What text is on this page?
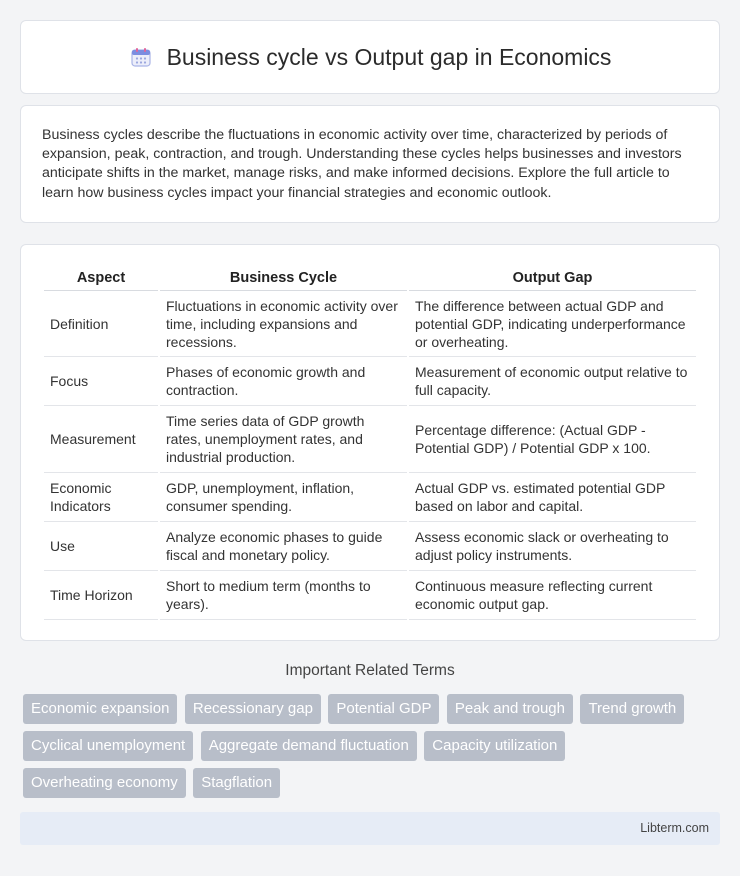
Business cycle vs Output gap in Economics

Business cycles describe the fluctuations in economic activity over time, characterized by periods of expansion, peak, contraction, and trough. Understanding these cycles helps businesses and investors anticipate shifts in the market, manage risks, and make informed decisions. Explore the full article to learn how business cycles impact your financial strategies and economic outlook.

Aspect	Business Cycle	Output Gap
Definition	Fluctuations in economic activity over time, including expansions and recessions.	The difference between actual GDP and potential GDP, indicating underperformance or overheating.
Focus	Phases of economic growth and contraction.	Measurement of economic output relative to full capacity.
Measurement	Time series data of GDP growth rates, unemployment rates, and industrial production.	Percentage difference: (Actual GDP - Potential GDP) / Potential GDP x 100.
Economic Indicators	GDP, unemployment, inflation, consumer spending.	Actual GDP vs. estimated potential GDP based on labor and capital.
Use	Analyze economic phases to guide fiscal and monetary policy.	Assess economic slack or overheating to adjust policy instruments.
Time Horizon	Short to medium term (months to years).	Continuous measure reflecting current economic output gap.
Important Related Terms
Economic expansion Recessionary gap Potential GDP Peak and trough Trend growth Cyclical unemployment Aggregate demand fluctuation Capacity utilization Overheating economy Stagflation
Libterm.com
